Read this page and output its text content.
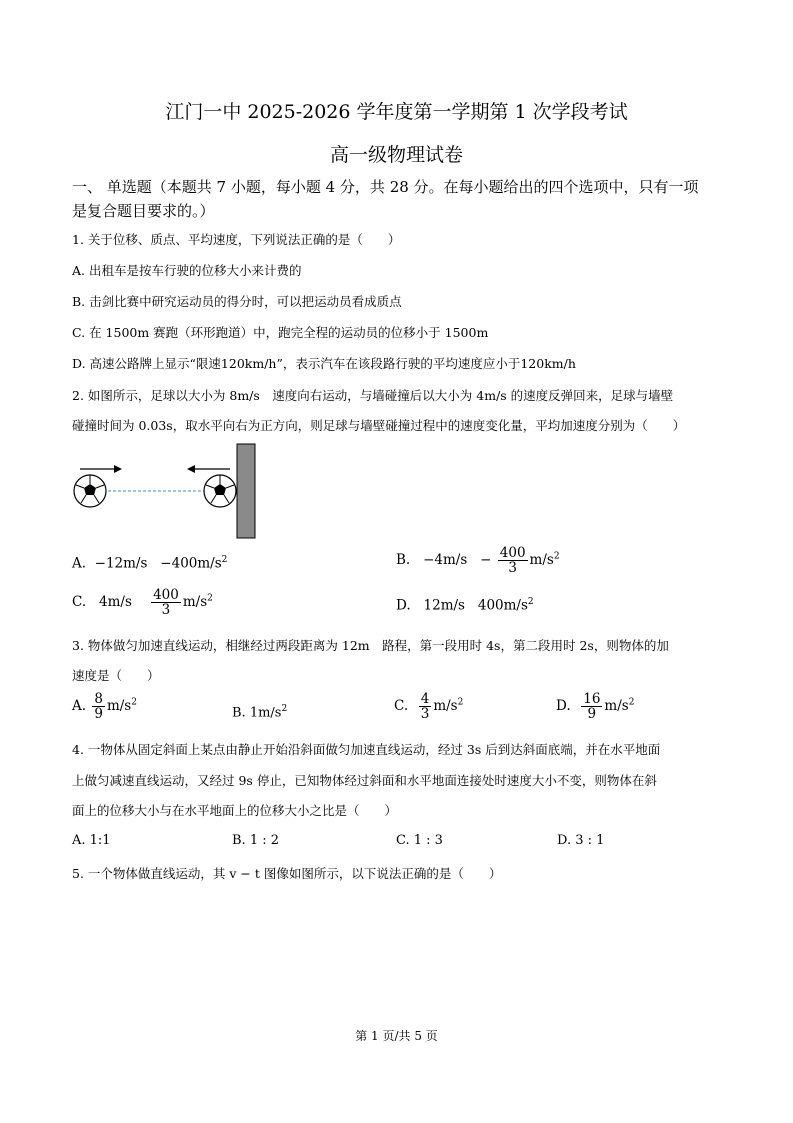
江门一中 2025-2026 学年度第一学期第 1 次学段考试
高一级物理试卷
一、 单选题（本题共 7 小题，每小题 4 分，共 28 分。在每小题给出的四个选项中，只有一项
是复合题目要求的。）
1. 关于位移、质点、平均速度，下列说法正确的是（　　）
A. 出租车是按车行驶的位移大小来计费的
B. 击剑比赛中研究运动员的得分时，可以把运动员看成质点
C. 在 1500m 赛跑（环形跑道）中，跑完全程的运动员的位移小于 1500m
D. 高速公路牌上显示“限速120km/h”，表示汽车在该段路行驶的平均速度应小于120km/h
2. 如图所示，足球以大小为 8m/s　速度向右运动，与墙碰撞后以大小为 4m/s 的速度反弹回来，足球与墙壁
碰撞时间为 0.03s，取水平向右为正方向，则足球与墙壁碰撞过程中的速度变化量，平均加速度分别为（　　）
A. $-12m/s -400m/s^2$	B. $-4m/s - \frac{400}{3} m/s^2$
C. $4m/s \frac{400}{3} m/s^2$	D. 12m/s $400m/s^2$
3. 物体做匀加速直线运动，相继经过两段距离为 12m　路程，第一段用时 4s，第二段用时 2s，则物体的加
速度是（　　）
A. $\frac{8}{9} m/s^2$
B. $1m/s^2$	C. $\frac{4}{3} m/s^2$	D. $\frac{16}{9} m/s^2$
4. 一物体从固定斜面上某点由静止开始沿斜面做匀加速直线运动，经过 3s 后到达斜面底端，并在水平地面
上做匀减速直线运动，又经过 9s 停止，已知物体经过斜面和水平地面连接处时速度大小不变，则物体在斜
面上的位移大小与在水平地面上的位移大小之比是（　　）
A. 1:1	B. 1 : 2	C. 1 : 3	D. 3 : 1
5. 一个物体做直线运动，其 v − t 图像如图所示，以下说法正确的是（　　）
第 1 页/共 5 页
